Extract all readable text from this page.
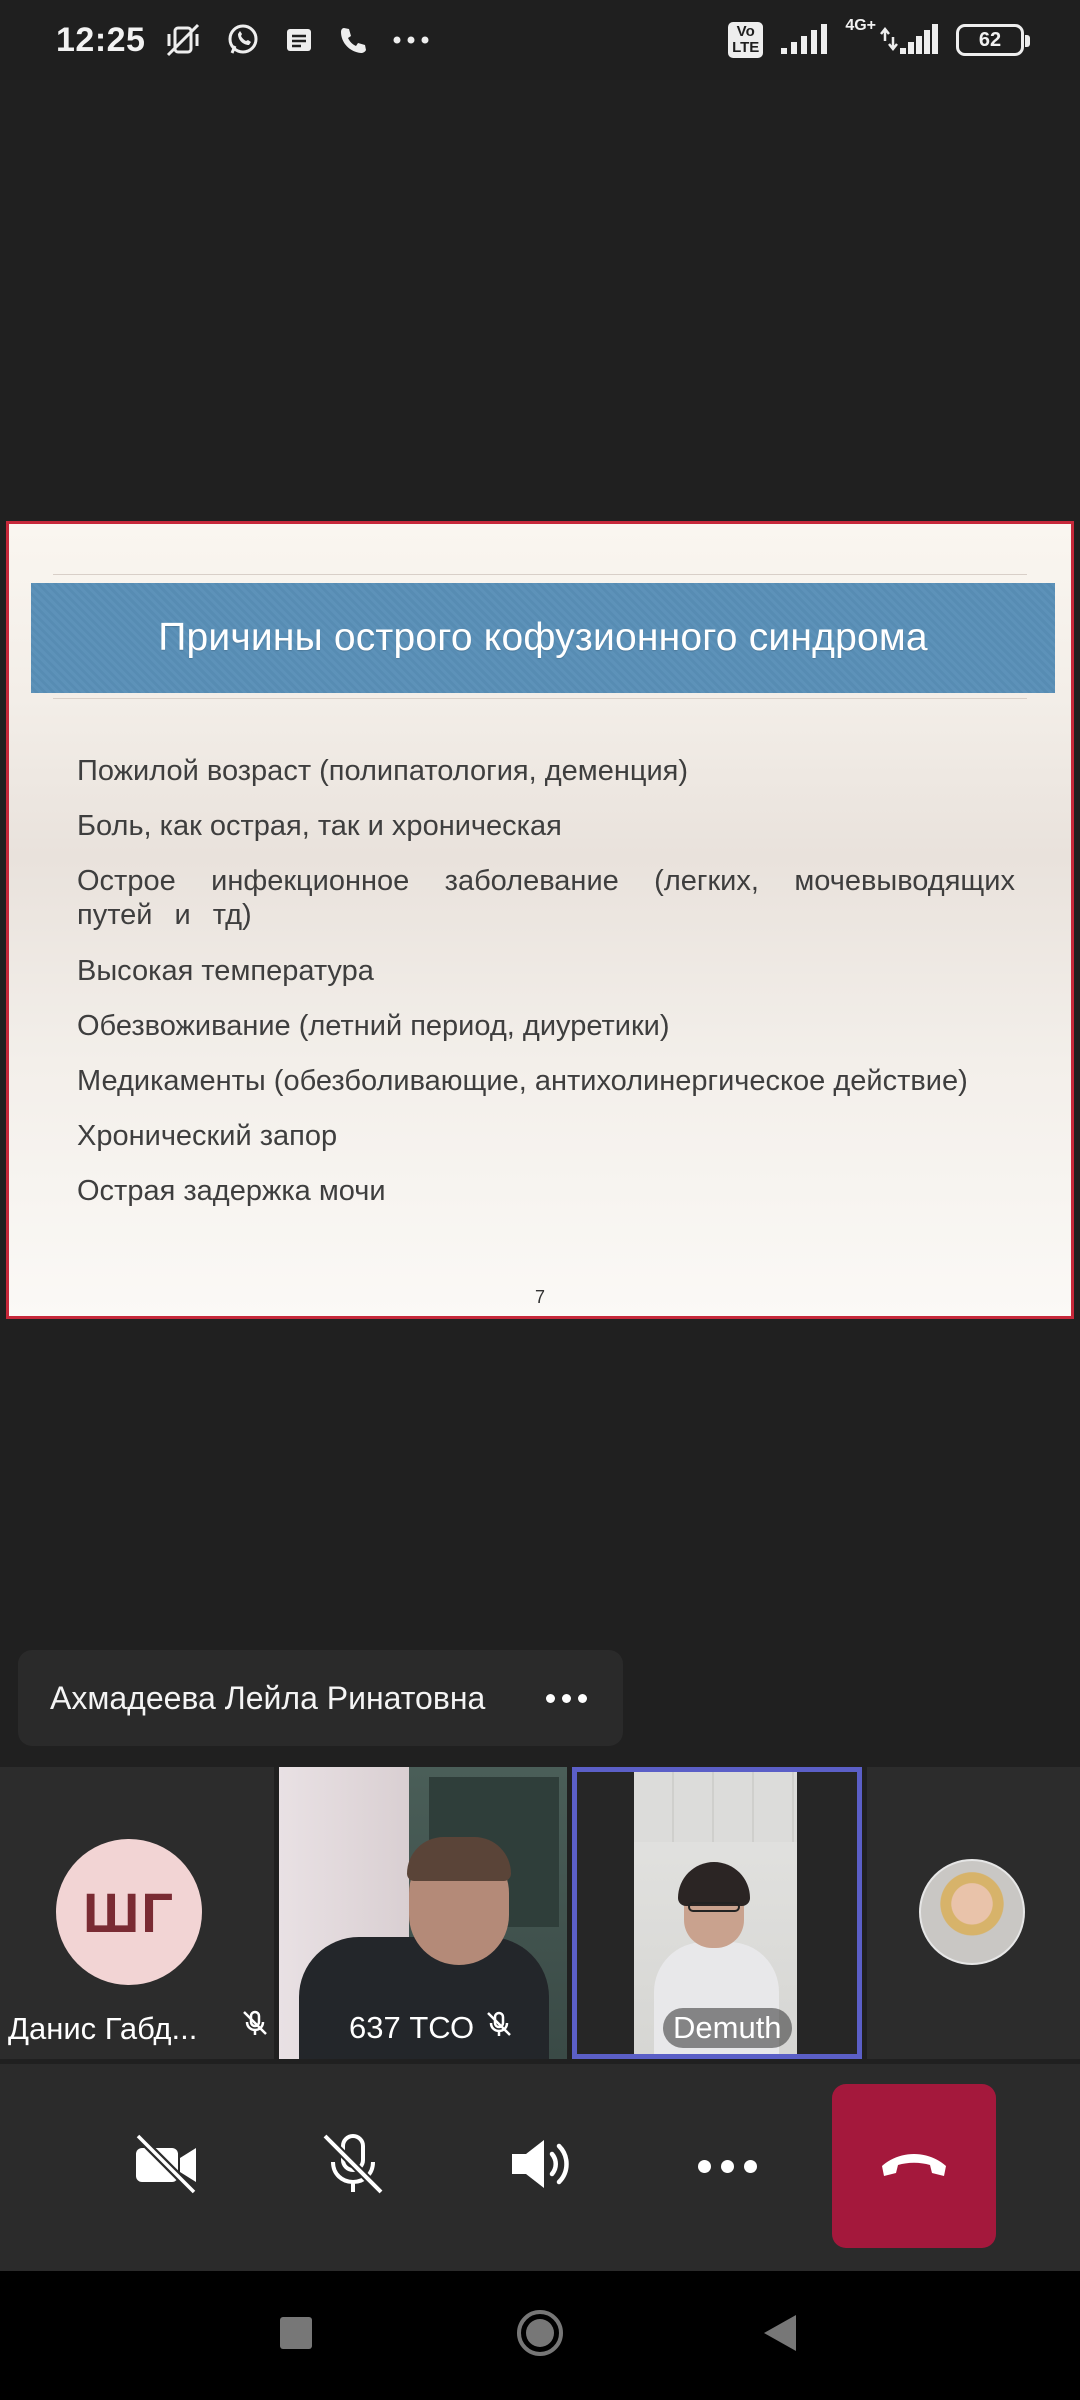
12:25	Vo
LTE
4G+
62
Причины острого кофузионного синдрома
Пожилой возраст (полипатология, деменция)
Боль, как острая, так и хроническая
Острое инфекционное заболевание (легких, мочевыводящих путей и тд)
Высокая температура
Обезвоживание (летний период, диуретики)
Медикаменты (обезболивающие, антихолинергическое действие)
Хронический запор
Острая задержка мочи
7
Ахмадеева Лейла Ринатовна
ШГ
Данис Габд...	637 ТСО	Demuth
